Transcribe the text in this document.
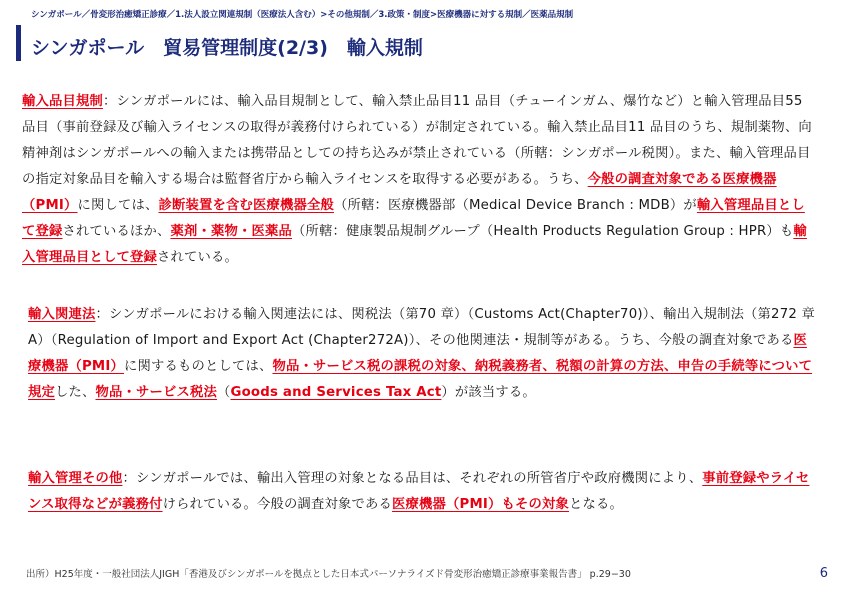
シンガポール／骨変形治癒矯正診療／1.法人設立関連規制（医療法人含む）>その他規制／3.政策・制度>医療機器に対する規制／医薬品規制
シンガポール　貿易管理制度(2/3)　輸入規制
輸入品目規制：シンガポールには、輸入品目規制として、輸入禁止品目11 品目（チューインガム、爆竹など）と輸入管理品目55 品目（事前登録及び輸入ライセンスの取得が義務付けられている）が制定されている。輸入禁止品目11 品目のうち、規制薬物、向精神剤はシンガポールへの輸入または携帯品としての持ち込みが禁止されている（所轄：シンガポール税関）。また、輸入管理品目の指定対象品目を輸入する場合は監督省庁から輸入ライセンスを取得する必要がある。うち、今般の調査対象である医療機器（PMI）に関しては、診断装置を含む医療機器全般（所轄：医療機器部（Medical Device Branch : MDB）が輸入管理品目として登録されているほか、薬剤・薬物・医薬品（所轄：健康製品規制グループ（Health Products Regulation Group : HPR）も輸入管理品目として登録されている。
輸入関連法：シンガポールにおける輸入関連法には、関税法（第70 章）（Customs Act(Chapter70)）、輸出入規制法（第272 章A）（Regulation of Import and Export Act (Chapter272A)）、その他関連法・規制等がある。うち、今般の調査対象である医療機器（PMI）に関するものとしては、物品・サービス税の課税の対象、納税義務者、税額の計算の方法、申告の手続等について規定した、物品・サービス税法（Goods and Services Tax Act）が該当する。
輸入管理その他：シンガポールでは、輸出入管理の対象となる品目は、それぞれの所管省庁や政府機関により、事前登録やライセンス取得などが義務付けられている。今般の調査対象である医療機器（PMI）もその対象となる。
出所）H25年度・一般社団法人JIGH「香港及びシンガポールを拠点とした日本式パーソナライズド骨変形治癒矯正診療事業報告書」 p.29−30	6
